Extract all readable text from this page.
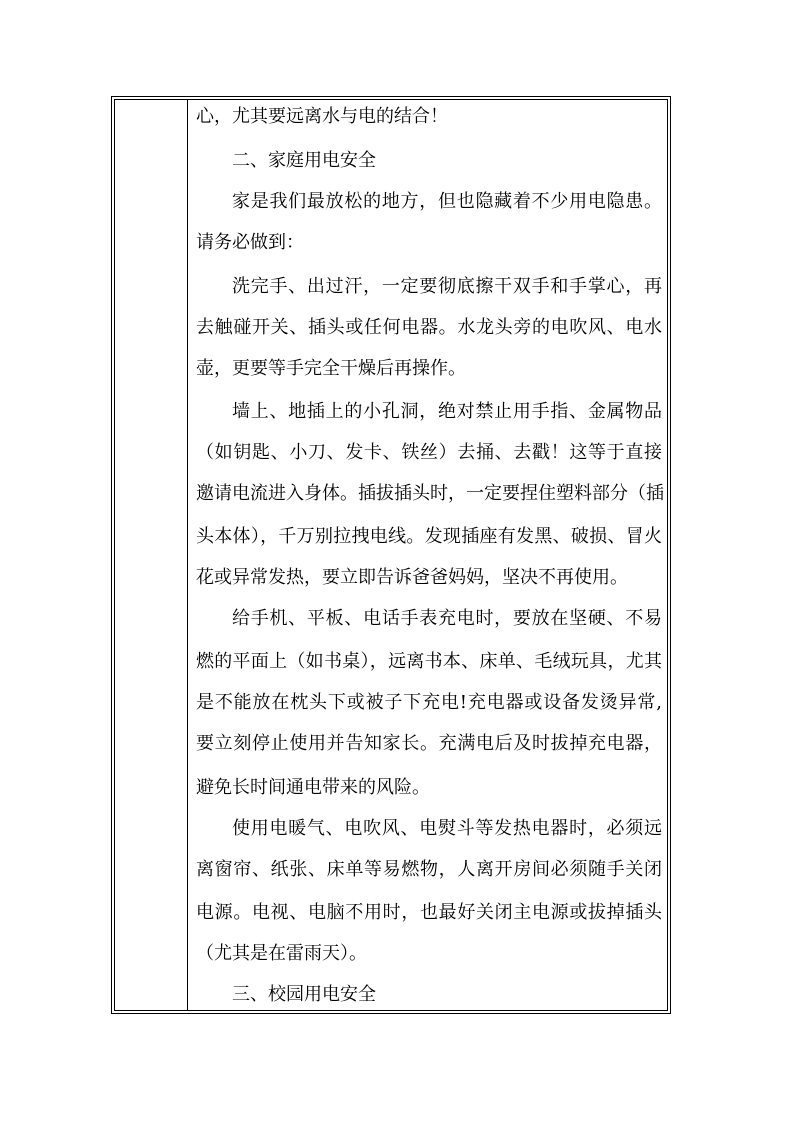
心，尤其要远离水与电的结合！
二、家庭用电安全
家是我们最放松的地方，但也隐藏着不少用电隐患。
请务必做到：
洗完手、出过汗，一定要彻底擦干双手和手掌心，再
去触碰开关、插头或任何电器。水龙头旁的电吹风、电水
壶，更要等手完全干燥后再操作。
墙上、地插上的小孔洞，绝对禁止用手指、金属物品
（如钥匙、小刀、发卡、铁丝）去捅、去戳！这等于直接
邀请电流进入身体。插拔插头时，一定要捏住塑料部分（插
头本体），千万别拉拽电线。发现插座有发黑、破损、冒火
花或异常发热，要立即告诉爸爸妈妈，坚决不再使用。
给手机、平板、电话手表充电时，要放在坚硬、不易
燃的平面上（如书桌），远离书本、床单、毛绒玩具，尤其
是不能放在枕头下或被子下充电!充电器或设备发烫异常,
要立刻停止使用并告知家长。充满电后及时拔掉充电器，
避免长时间通电带来的风险。
使用电暖气、电吹风、电熨斗等发热电器时，必须远
离窗帘、纸张、床单等易燃物，人离开房间必须随手关闭
电源。电视、电脑不用时，也最好关闭主电源或拔掉插头
（尤其是在雷雨天）。
三、校园用电安全
